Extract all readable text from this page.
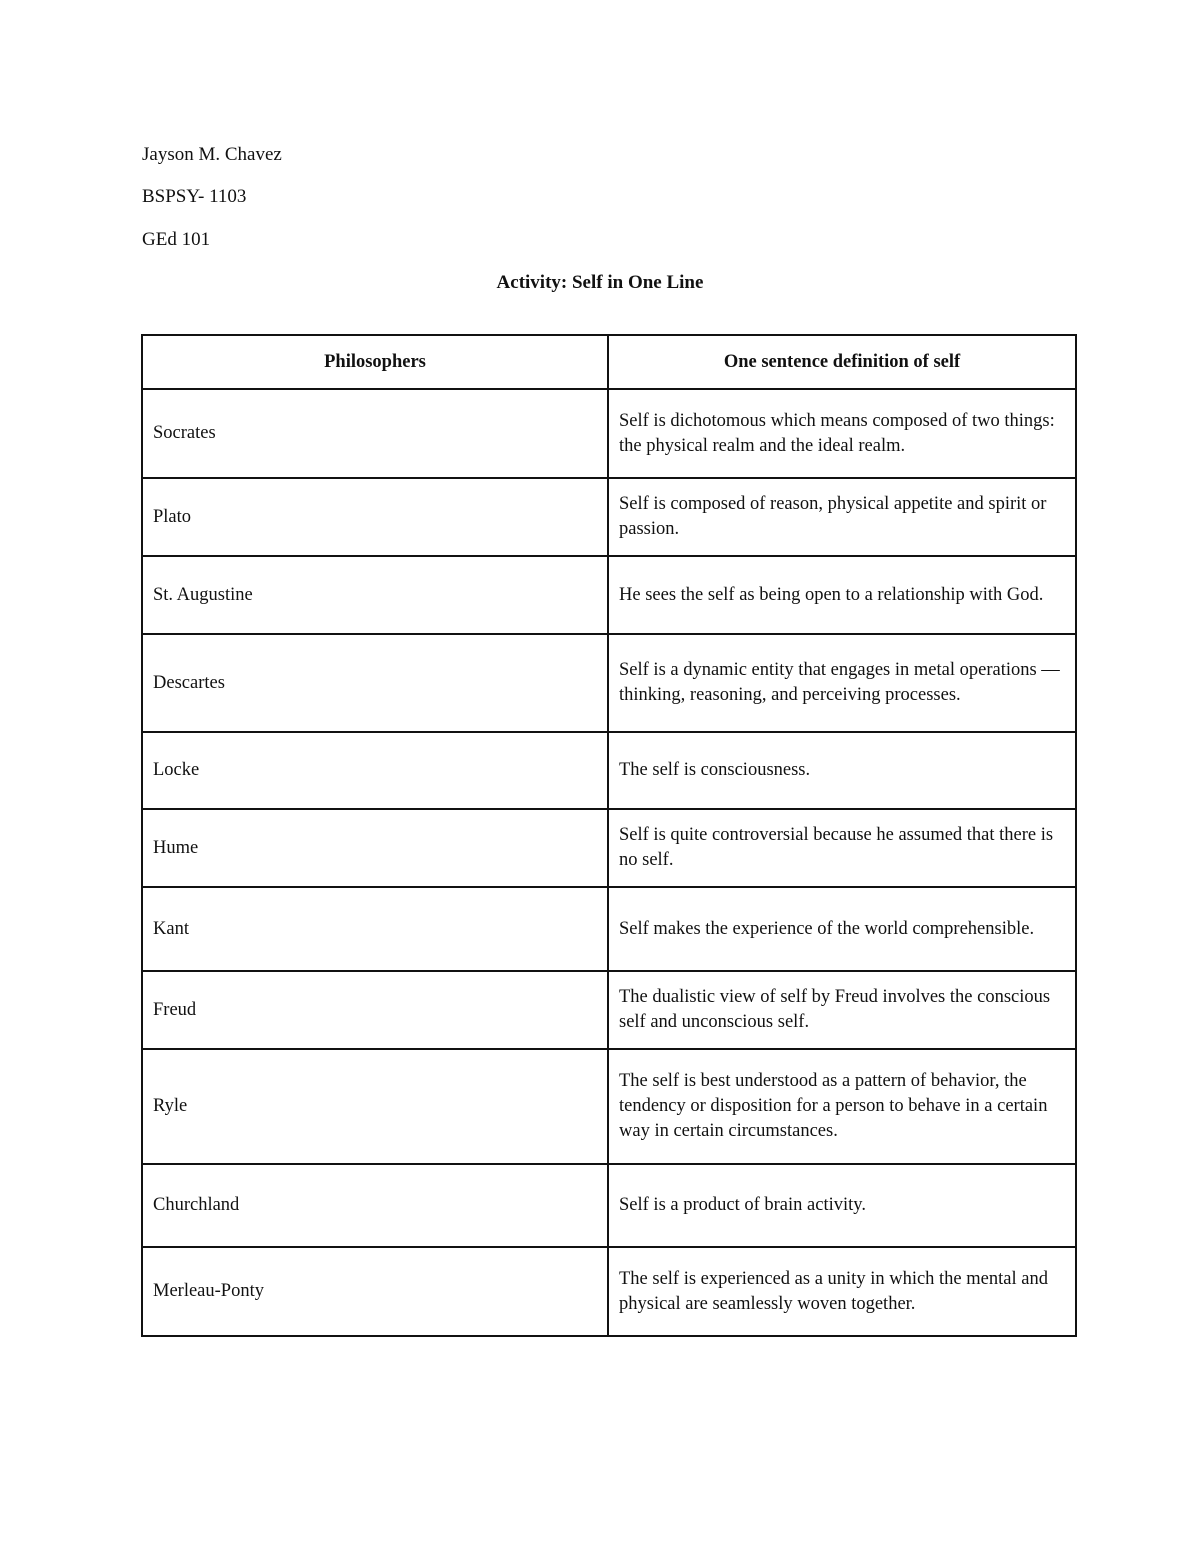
Jayson M. Chavez
BSPSY- 1103
GEd 101
Activity: Self in One Line
Philosophers	One sentence definition of self
Socrates	Self is dichotomous which means composed of two things: the physical realm and the ideal realm.
Plato	Self is composed of reason, physical appetite and spirit or passion.
St. Augustine	He sees the self as being open to a relationship with God.
Descartes	Self is a dynamic entity that engages in metal operations — thinking, reasoning, and perceiving processes.
Locke	The self is consciousness.
Hume	Self is quite controversial because he assumed that there is no self.
Kant	Self makes the experience of the world comprehensible.
Freud	The dualistic view of self by Freud involves the conscious self and unconscious self.
Ryle	The self is best understood as a pattern of behavior, the tendency or disposition for a person to behave in a certain way in certain circumstances.
Churchland	Self is a product of brain activity.
Merleau-Ponty	The self is experienced as a unity in which the mental and physical are seamlessly woven together.
